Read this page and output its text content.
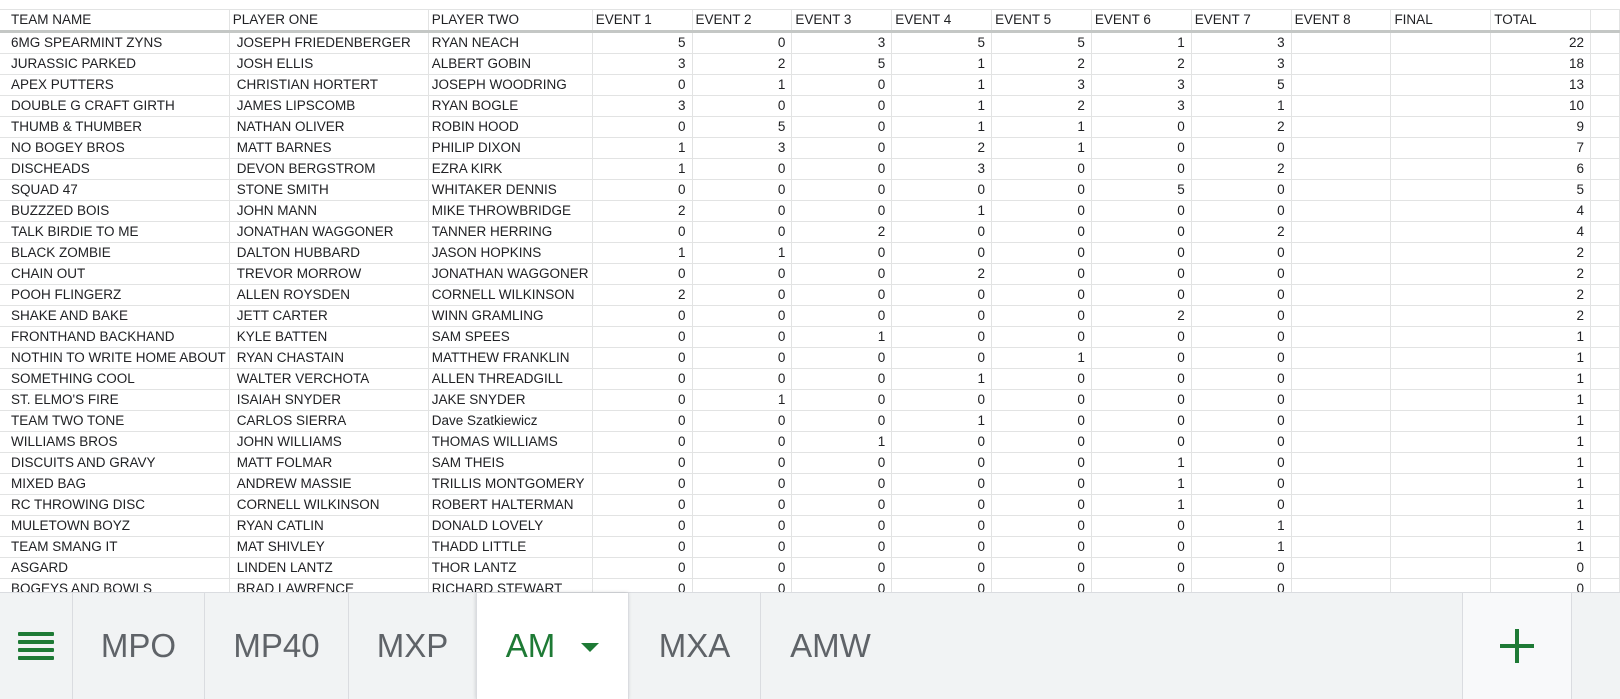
TEAM NAME	PLAYER ONE	PLAYER TWO	EVENT 1	EVENT 2	EVENT 3	EVENT 4	EVENT 5	EVENT 6	EVENT 7	EVENT 8	FINAL	TOTAL	
6MG SPEARMINT ZYNS	JOSEPH FRIEDENBERGER	RYAN NEACH	5	0	3	5	5	1	3			22	
JURASSIC PARKED	JOSH ELLIS	ALBERT GOBIN	3	2	5	1	2	2	3			18	
APEX PUTTERS	CHRISTIAN HORTERT	JOSEPH WOODRING	0	1	0	1	3	3	5			13	
DOUBLE G CRAFT GIRTH	JAMES LIPSCOMB	RYAN BOGLE	3	0	0	1	2	3	1			10	
THUMB & THUMBER	NATHAN OLIVER	ROBIN HOOD	0	5	0	1	1	0	2			9	
NO BOGEY BROS	MATT BARNES	PHILIP DIXON	1	3	0	2	1	0	0			7	
DISCHEADS	DEVON BERGSTROM	EZRA KIRK	1	0	0	3	0	0	2			6	
SQUAD 47	STONE SMITH	WHITAKER DENNIS	0	0	0	0	0	5	0			5	
BUZZZED BOIS	JOHN MANN	MIKE THROWBRIDGE	2	0	0	1	0	0	0			4	
TALK BIRDIE TO ME	JONATHAN WAGGONER	TANNER HERRING	0	0	2	0	0	0	2			4	
BLACK ZOMBIE	DALTON HUBBARD	JASON HOPKINS	1	1	0	0	0	0	0			2	
CHAIN OUT	TREVOR MORROW	JONATHAN WAGGONER	0	0	0	2	0	0	0			2	
POOH FLINGERZ	ALLEN ROYSDEN	CORNELL WILKINSON	2	0	0	0	0	0	0			2	
SHAKE AND BAKE	JETT CARTER	WINN GRAMLING	0	0	0	0	0	2	0			2	
FRONTHAND BACKHAND	KYLE BATTEN	SAM SPEES	0	0	1	0	0	0	0			1	
NOTHIN TO WRITE HOME ABOUT	RYAN CHASTAIN	MATTHEW FRANKLIN	0	0	0	0	1	0	0			1	
SOMETHING COOL	WALTER VERCHOTA	ALLEN THREADGILL	0	0	0	1	0	0	0			1	
ST. ELMO'S FIRE	ISAIAH SNYDER	JAKE SNYDER	0	1	0	0	0	0	0			1	
TEAM TWO TONE	CARLOS SIERRA	Dave Szatkiewicz	0	0	0	1	0	0	0			1	
WILLIAMS BROS	JOHN WILLIAMS	THOMAS WILLIAMS	0	0	1	0	0	0	0			1	
DISCUITS AND GRAVY	MATT FOLMAR	SAM THEIS	0	0	0	0	0	1	0			1	
MIXED BAG	ANDREW MASSIE	TRILLIS MONTGOMERY	0	0	0	0	0	1	0			1	
RC THROWING DISC	CORNELL WILKINSON	ROBERT HALTERMAN	0	0	0	0	0	1	0			1	
MULETOWN BOYZ	RYAN CATLIN	DONALD LOVELY	0	0	0	0	0	0	1			1	
TEAM SMANG IT	MAT SHIVLEY	THADD LITTLE	0	0	0	0	0	0	1			1	
ASGARD	LINDEN LANTZ	THOR LANTZ	0	0	0	0	0	0	0			0	
BOGEYS AND BOWLS	BRAD LAWRENCE	RICHARD STEWART	0	0	0	0	0	0	0			0	
MPO MP40 MXP AM	MXA AMW
